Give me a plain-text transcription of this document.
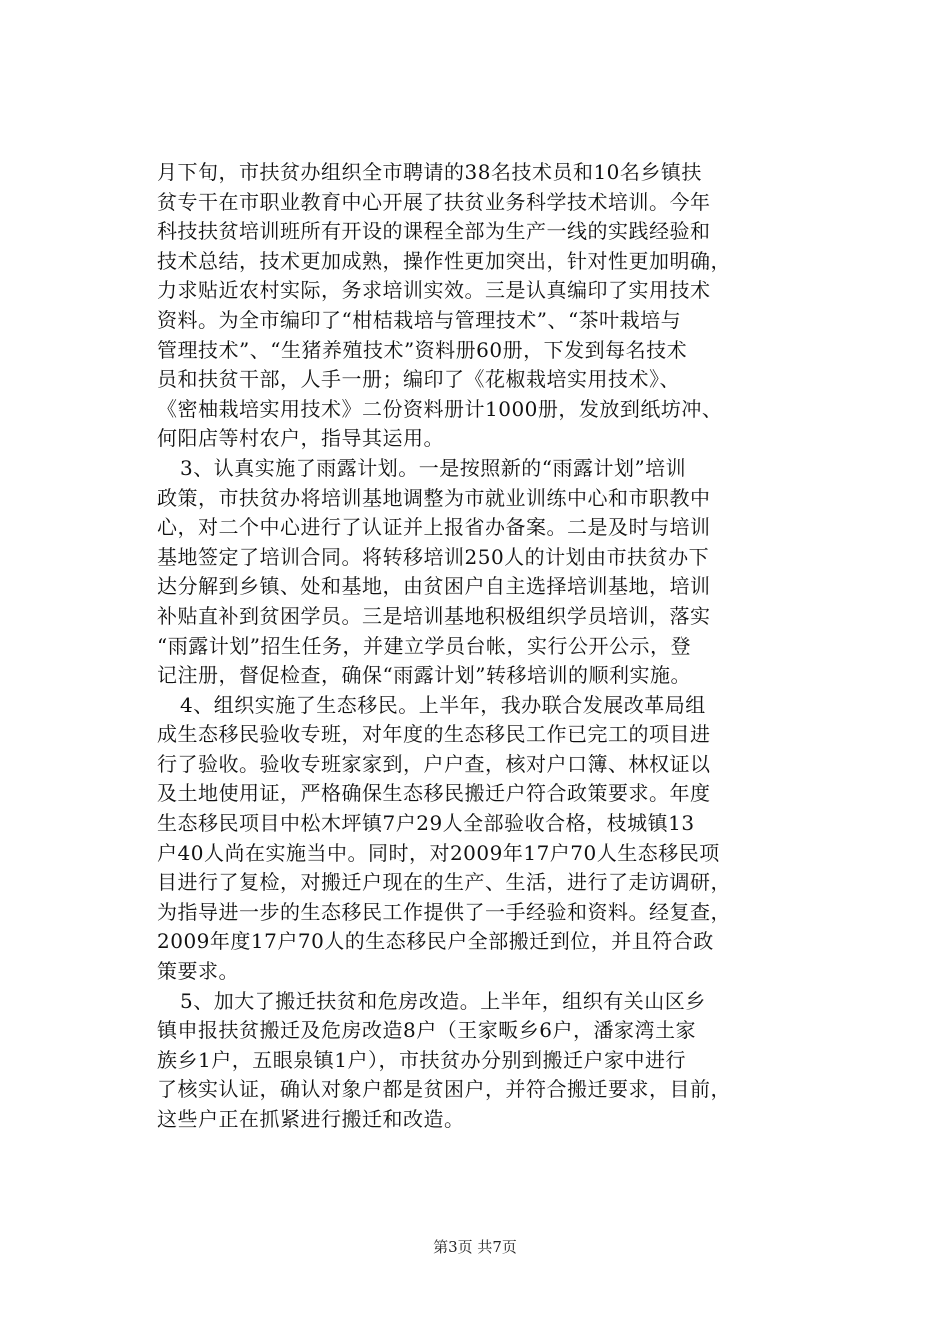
月下旬，市扶贫办组织全市聘请的38名技术员和10名乡镇扶
贫专干在市职业教育中心开展了扶贫业务科学技术培训。今年
科技扶贫培训班所有开设的课程全部为生产一线的实践经验和
技术总结，技术更加成熟，操作性更加突出，针对性更加明确，
力求贴近农村实际，务求培训实效。三是认真编印了实用技术
资料。为全市编印了“柑桔栽培与管理技术”、“茶叶栽培与
管理技术”、“生猪养殖技术”资料册60册，下发到每名技术
员和扶贫干部，人手一册；编印了《花椒栽培实用技术》、
《密柚栽培实用技术》二份资料册计1000册，发放到纸坊冲、
何阳店等村农户，指导其运用。
3、认真实施了雨露计划。一是按照新的“雨露计划”培训
政策，市扶贫办将培训基地调整为市就业训练中心和市职教中
心，对二个中心进行了认证并上报省办备案。二是及时与培训
基地签定了培训合同。将转移培训250人的计划由市扶贫办下
达分解到乡镇、处和基地，由贫困户自主选择培训基地，培训
补贴直补到贫困学员。三是培训基地积极组织学员培训，落实
“雨露计划”招生任务，并建立学员台帐，实行公开公示，登
记注册，督促检查，确保“雨露计划”转移培训的顺利实施。
4、组织实施了生态移民。上半年，我办联合发展改革局组
成生态移民验收专班，对年度的生态移民工作已完工的项目进
行了验收。验收专班家家到，户户查，核对户口簿、林权证以
及土地使用证，严格确保生态移民搬迁户符合政策要求。年度
生态移民项目中松木坪镇7户29人全部验收合格，枝城镇13
户40人尚在实施当中。同时，对2009年17户70人生态移民项
目进行了复检，对搬迁户现在的生产、生活，进行了走访调研，
为指导进一步的生态移民工作提供了一手经验和资料。经复查，
2009年度17户70人的生态移民户全部搬迁到位，并且符合政
策要求。
5、加大了搬迁扶贫和危房改造。上半年，组织有关山区乡
镇申报扶贫搬迁及危房改造8户（王家畈乡6户，潘家湾土家
族乡1户，五眼泉镇1户），市扶贫办分别到搬迁户家中进行
了核实认证，确认对象户都是贫困户，并符合搬迁要求，目前，
这些户正在抓紧进行搬迁和改造。
第3页 共7页
